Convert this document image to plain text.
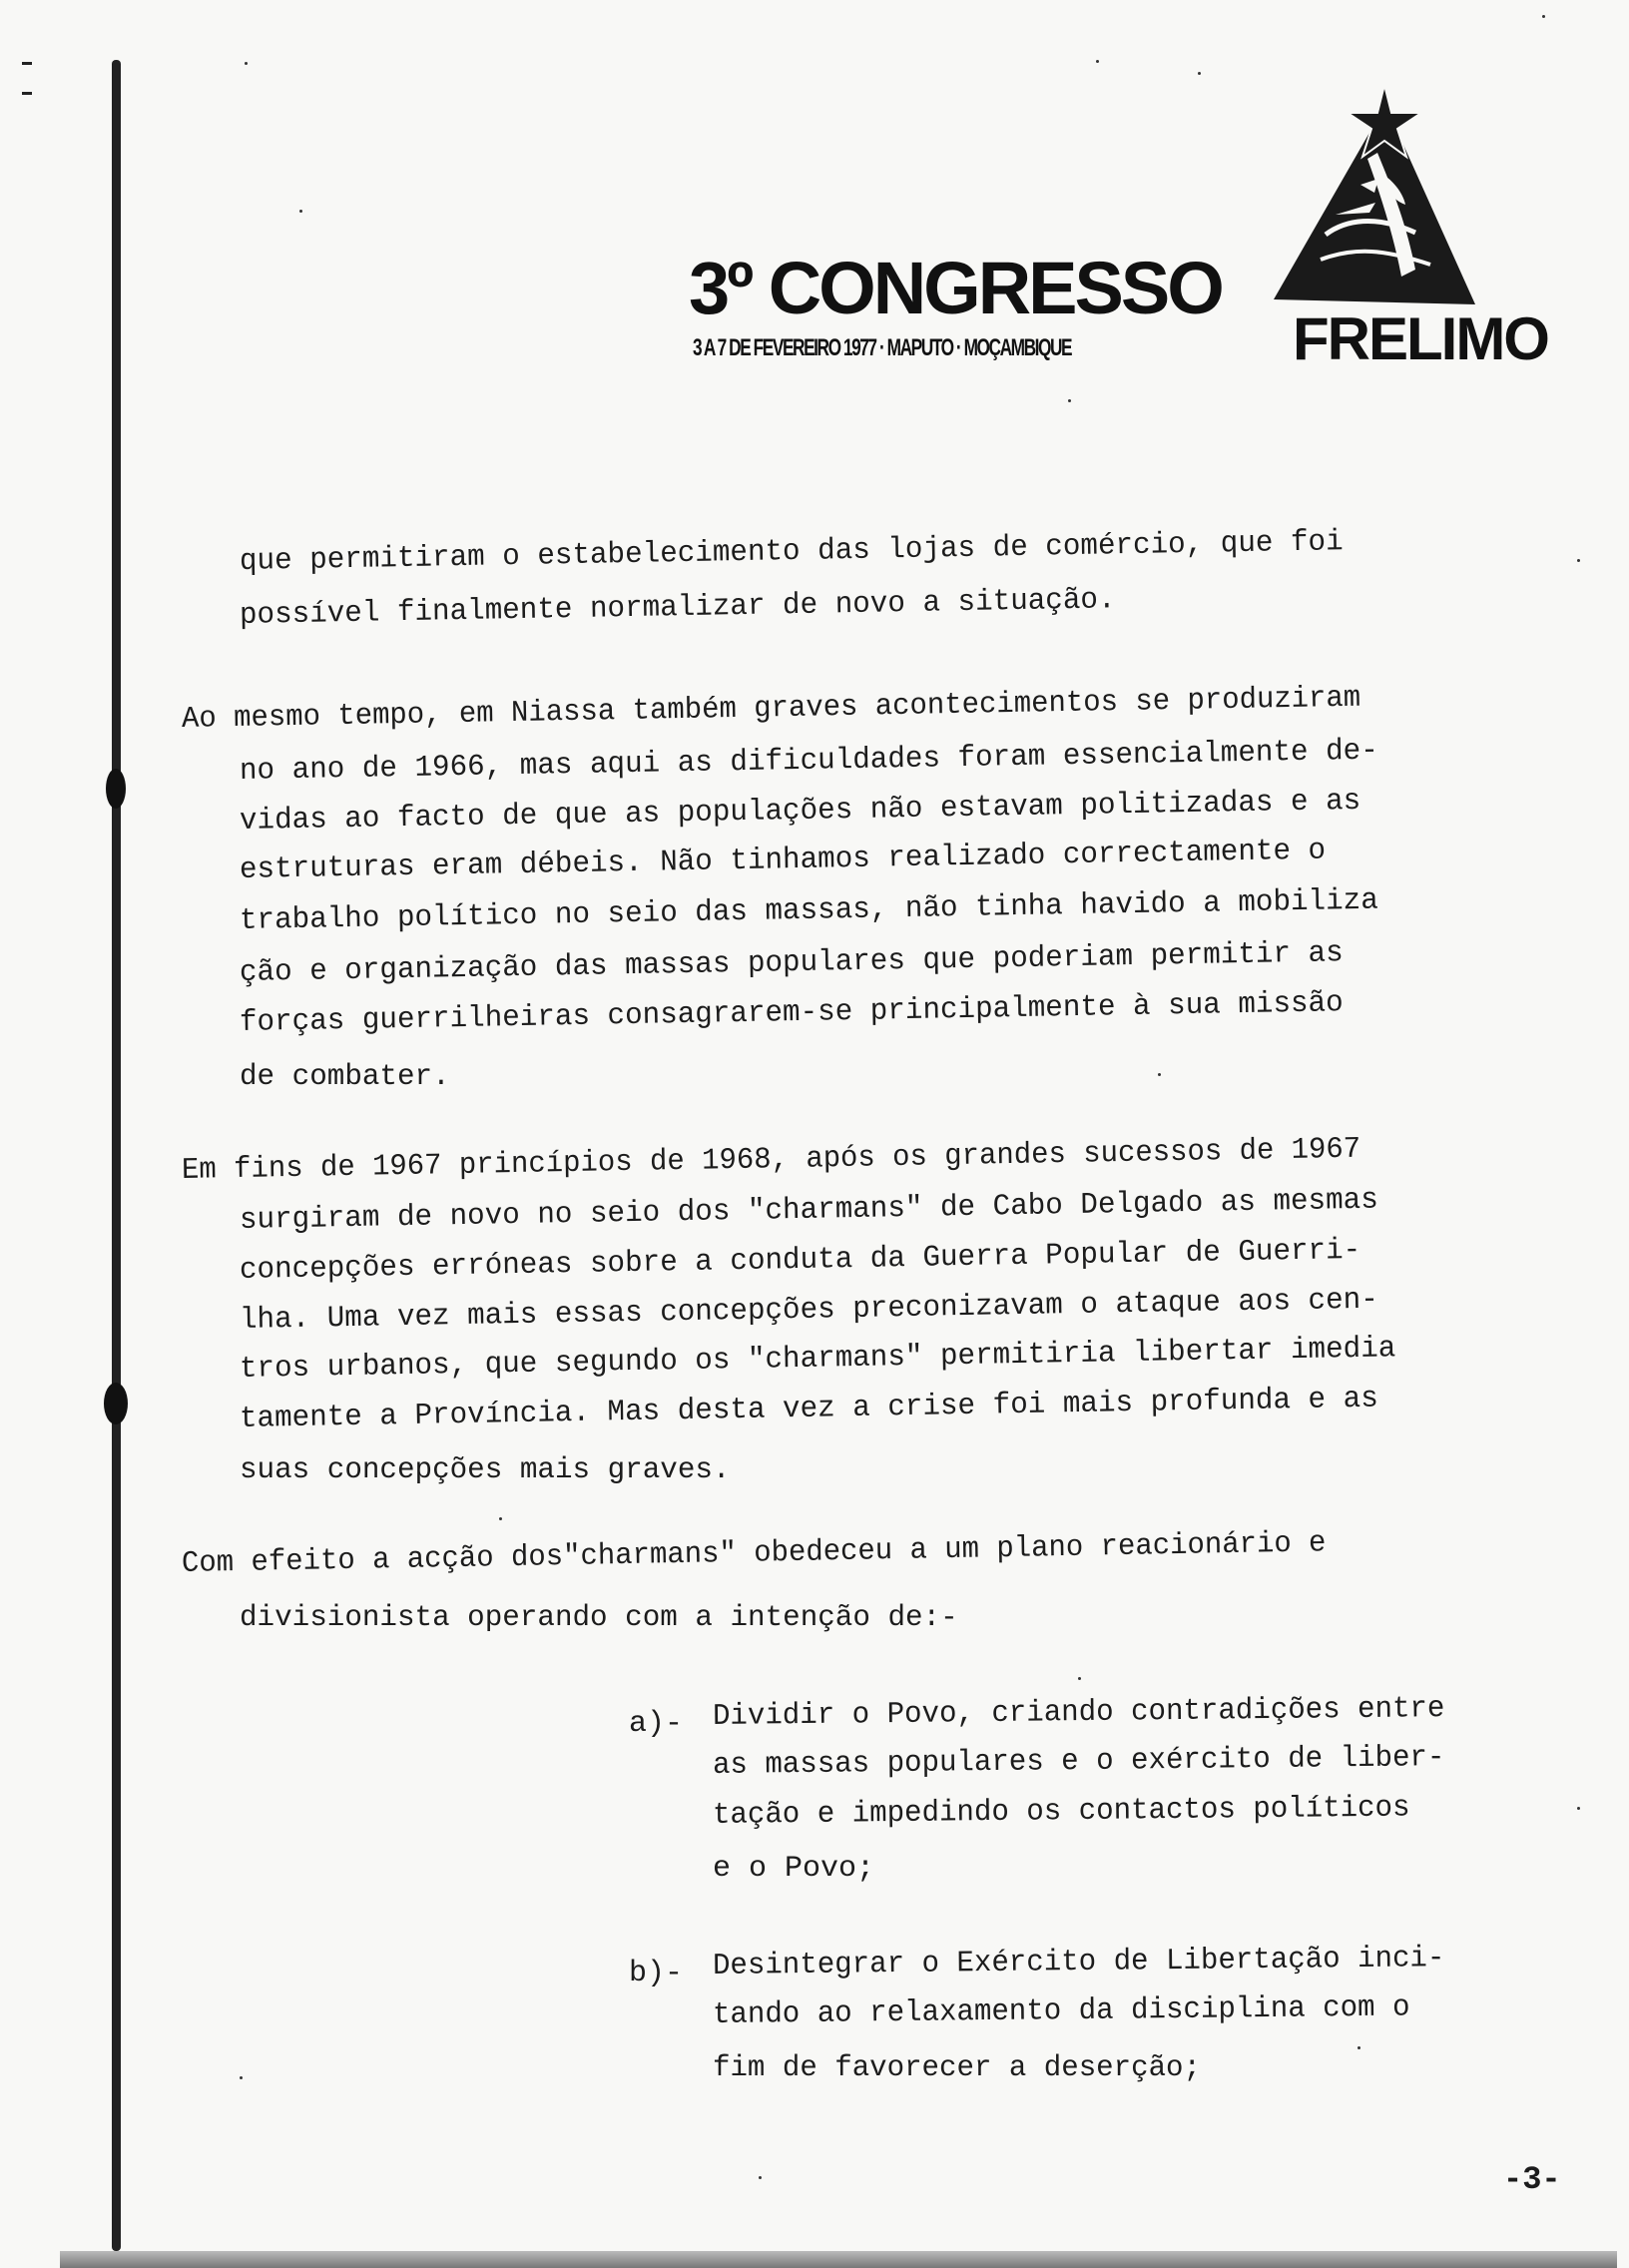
3º CONGRESSO
3 A 7 DE FEVEREIRO 1977 · MAPUTO · MOÇAMBIQUE	FRELIMO
que permitiram o estabelecimento das lojas de comércio, que foi
possível finalmente normalizar de novo a situação.
Ao mesmo tempo, em Niassa também graves acontecimentos se produziram
no ano de 1966, mas aqui as dificuldades foram essencialmente de-
vidas ao facto de que as populações não estavam politizadas e as
estruturas eram débeis. Não tinhamos realizado correctamente o
trabalho político no seio das massas, não tinha havido a mobiliza
ção e organização das massas populares que poderiam permitir as
forças guerrilheiras consagrarem-se principalmente à sua missão
de combater.
Em fins de 1967 princípios de 1968, após os grandes sucessos de 1967
surgiram de novo no seio dos "charmans" de Cabo Delgado as mesmas
concepções erróneas sobre a conduta da Guerra Popular de Guerri-
lha. Uma vez mais essas concepções preconizavam o ataque aos cen-
tros urbanos, que segundo os "charmans" permitiria libertar imedia
tamente a Província. Mas desta vez a crise foi mais profunda e as
suas concepções mais graves.
Com efeito a acção dos"charmans" obedeceu a um plano reacionário e
divisionista operando com a intenção de:-
a)- Dividir o Povo, criando contradições entre
as massas populares e o exército de liber-
tação e impedindo os contactos políticos
e o Povo;
b)- Desintegrar o Exército de Libertação inci-
tando ao relaxamento da disciplina com o
fim de favorecer a deserção;
-3-
